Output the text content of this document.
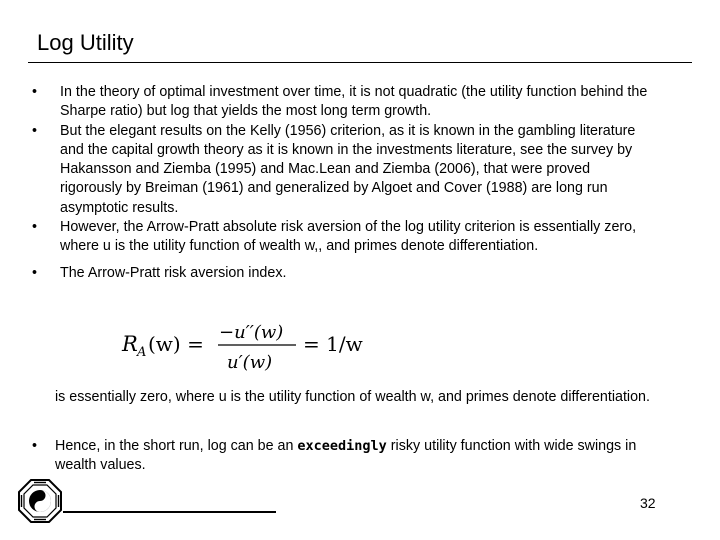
Log Utility

• In the theory of optimal investment over time, it is not quadratic (the utility function behind the Sharpe ratio) but log that yields the most long term growth.

• But the elegant results on the Kelly (1956) criterion, as it is known in the gambling literature and the capital growth theory as it is known in the investments literature, see the survey by Hakansson and Ziemba (1995) and Mac.Lean and Ziemba (2006), that were proved rigorously by Breiman (1961) and generalized by Algoet and Cover (1988) are long run asymptotic results.

• However, the Arrow-Pratt absolute risk aversion of the log utility criterion is essentially zero, where u is the utility function of wealth w,, and primes denote differentiation.

• The Arrow-Pratt risk aversion index.

R A (w) = −u′′(w)
u′(w)
= 1/w
is essentially zero, where u is the utility function of wealth w, and primes denote differentiation.
•	Hence, in the short run, log can be an exceedingly risky utility function with wide swings in wealth values.
32
